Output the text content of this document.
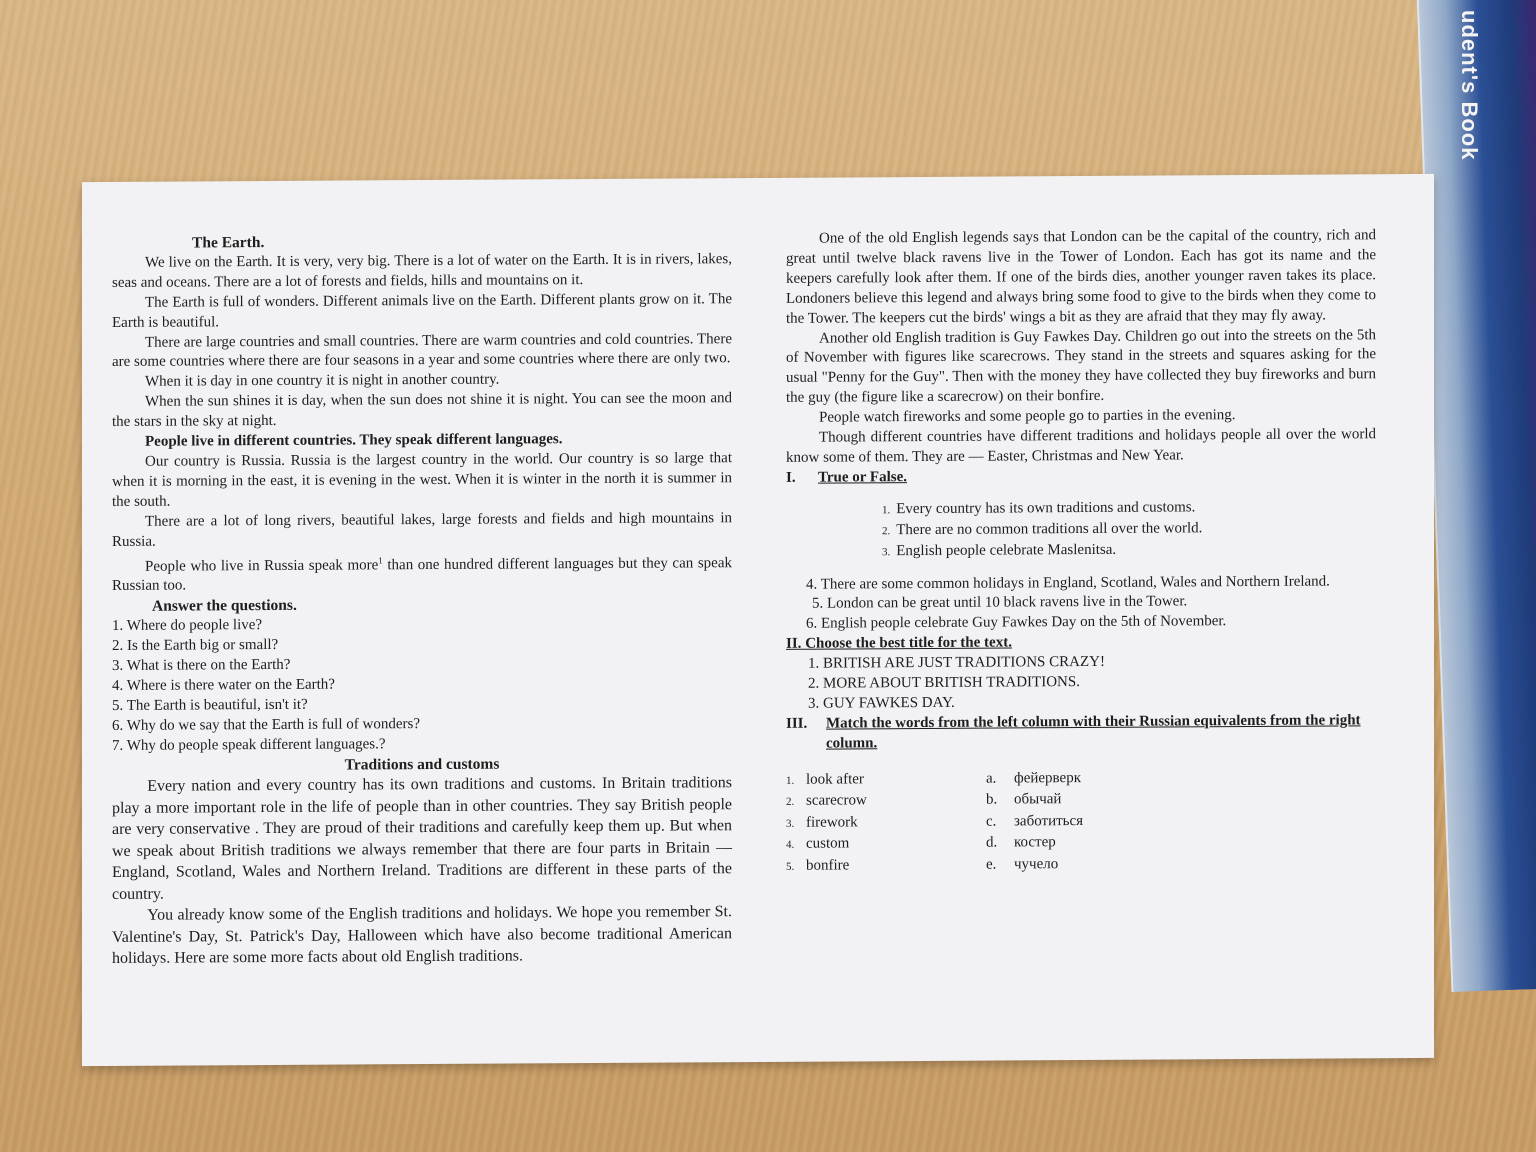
udent's Book
The Earth.

We live on the Earth. It is very, very big. There is a lot of water on the Earth. It is in rivers, lakes, seas and oceans. There are a lot of forests and fields, hills and mountains on it.

The Earth is full of wonders. Different animals live on the Earth. Different plants grow on it. The Earth is beautiful.

There are large countries and small countries. There are warm countries and cold countries. There are some countries where there are four seasons in a year and some countries where there are only two.

When it is day in one country it is night in another country.

When the sun shines it is day, when the sun does not shine it is night. You can see the moon and the stars in the sky at night.

People live in different countries. They speak different languages.

Our country is Russia. Russia is the largest country in the world. Our country is so large that when it is morning in the east, it is evening in the west. When it is winter in the north it is summer in the south.

There are a lot of long rivers, beautiful lakes, large forests and fields and high mountains in Russia.

People who live in Russia speak more$^1$ than one hundred different languages but they can speak Russian too.

Answer the questions.
1. Where do people live?
2. Is the Earth big or small?
3. What is there on the Earth?
4. Where is there water on the Earth?
5. The Earth is beautiful, isn't it?
6. Why do we say that the Earth is full of wonders?
7. Why do people speak different languages.?
Traditions and customs

Every nation and every country has its own traditions and customs. In Britain traditions play a more important role in the life of people than in other countries. They say British people are very conservative . They are proud of their traditions and carefully keep them up. But when we speak about British traditions we always remember that there are four parts in Britain — England, Scotland, Wales and Northern Ireland. Traditions are different in these parts of the country.

You already know some of the English traditions and holidays. We hope you remember St. Valentine's Day, St. Patrick's Day, Halloween which have also become traditional American holidays. Here are some more facts about old English traditions.

One of the old English legends says that London can be the capital of the country, rich and great until twelve black ravens live in the Tower of London. Each has got its name and the keepers carefully look after them. If one of the birds dies, another younger raven takes its place. Londoners believe this legend and always bring some food to give to the birds when they come to the Tower. The keepers cut the birds' wings a bit as they are afraid that they may fly away.

Another old English tradition is Guy Fawkes Day. Children go out into the streets on the 5th of November with figures like scarecrows. They stand in the streets and squares asking for the usual "Penny for the Guy". Then with the money they have collected they buy fireworks and burn the guy (the figure like a scarecrow) on their bonfire.

People watch fireworks and some people go to parties in the evening.

Though different countries have different traditions and holidays people all over the world know some of them. They are — Easter, Christmas and New Year.

I. True or False.
1. Every country has its own traditions and customs.
2. There are no common traditions all over the world.
3. English people celebrate Maslenitsa.
4. There are some common holidays in England, Scotland, Wales and Northern Ireland.
5. London can be great until 10 black ravens live in the Tower.
6. English people celebrate Guy Fawkes Day on the 5th of November.
II. Choose the best title for the text.
1. BRITISH ARE JUST TRADITIONS CRAZY!
2. MORE ABOUT BRITISH TRADITIONS.
3. GUY FAWKES DAY.
III. Match the words from the left column with their Russian equivalents from the right column.
1. look after
2. scarecrow
3. firework
4. custom
5. bonfire
a. фейерверк
b. обычай
c. заботиться
d. костер
e. чучело
